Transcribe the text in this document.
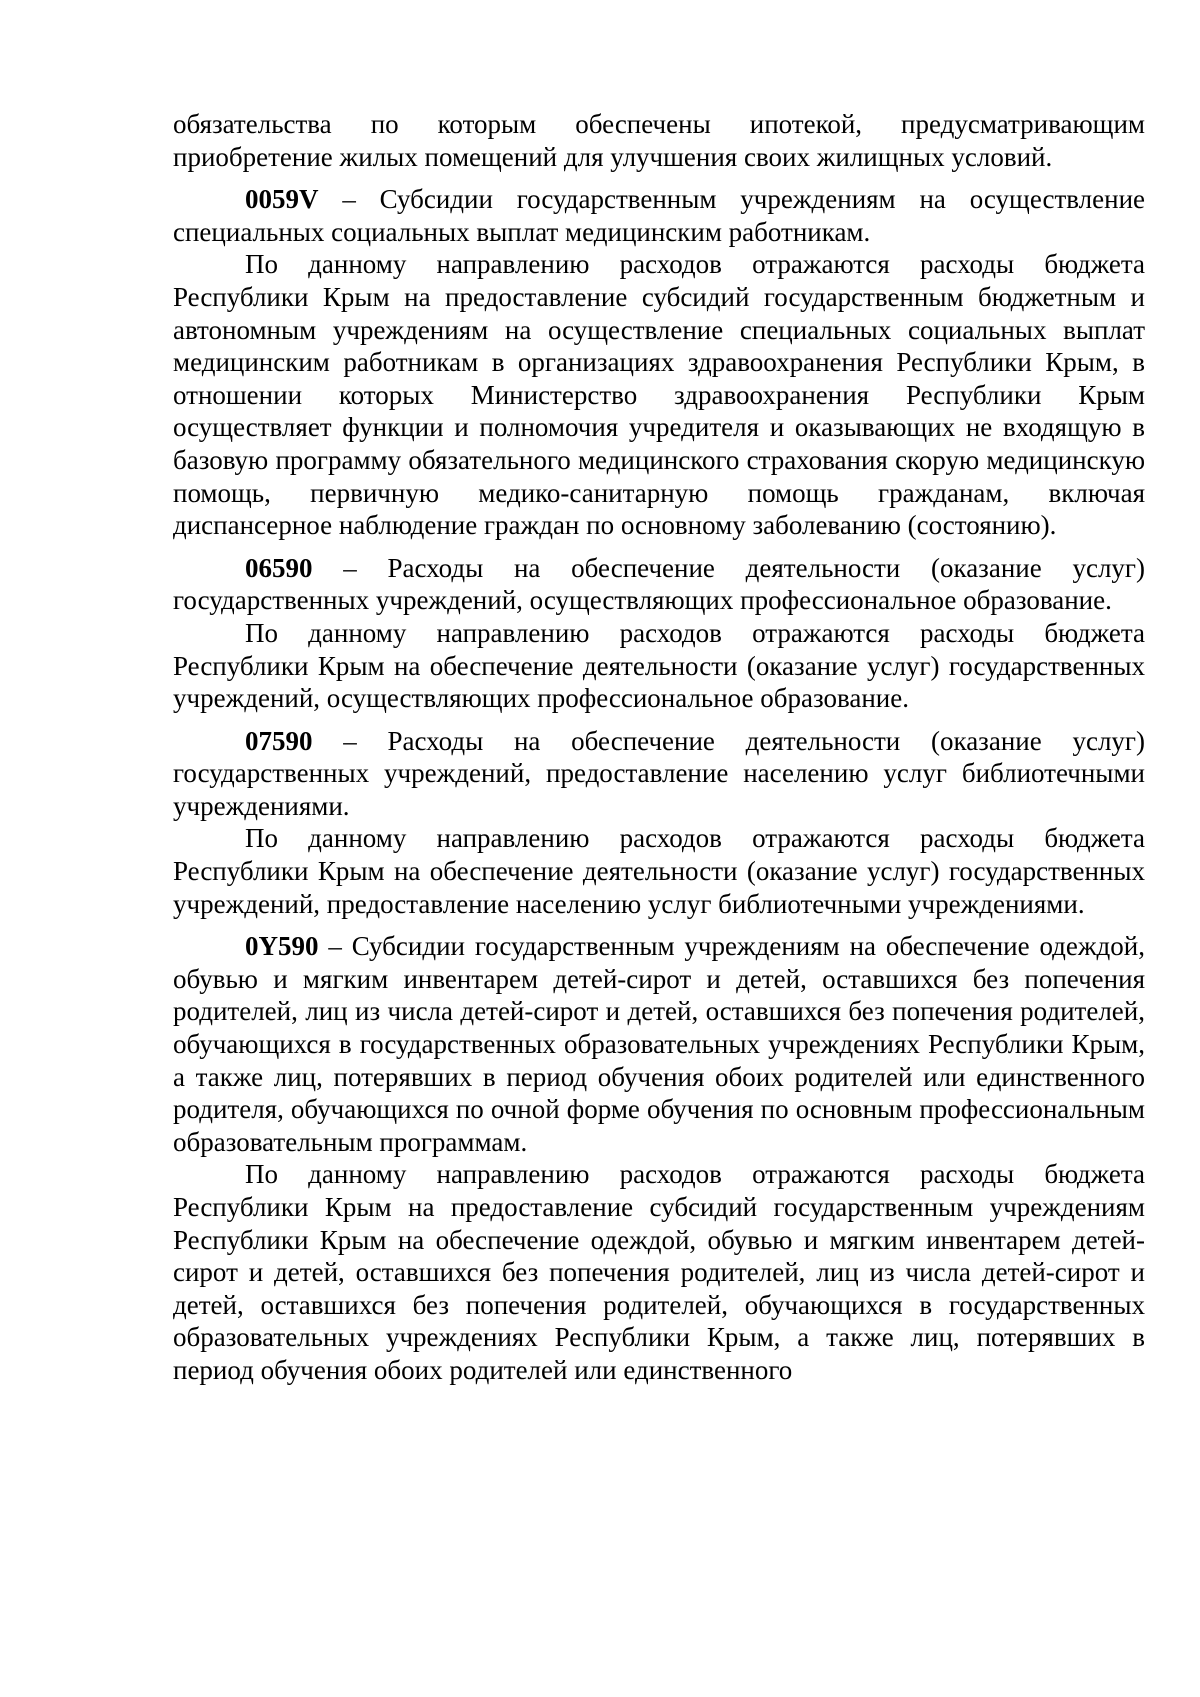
обязательства по которым обеспечены ипотекой, предусматривающим приобретение жилых помещений для улучшения своих жилищных условий.

0059V – Субсидии государственным учреждениям на осуществление специальных социальных выплат медицинским работникам.

По данному направлению расходов отражаются расходы бюджета Республики Крым на предоставление субсидий государственным бюджетным и автономным учреждениям на осуществление специальных социальных выплат медицинским работникам в организациях здравоохранения Республики Крым, в отношении которых Министерство здравоохранения Республики Крым осуществляет функции и полномочия учредителя и оказывающих не входящую в базовую программу обязательного медицинского страхования скорую медицинскую помощь, первичную медико-санитарную помощь гражданам, включая диспансерное наблюдение граждан по основному заболеванию (состоянию).

06590 – Расходы на обеспечение деятельности (оказание услуг) государственных учреждений, осуществляющих профессиональное образование.

По данному направлению расходов отражаются расходы бюджета Республики Крым на обеспечение деятельности (оказание услуг) государственных учреждений, осуществляющих профессиональное образование.

07590 – Расходы на обеспечение деятельности (оказание услуг) государственных учреждений, предоставление населению услуг библиотечными учреждениями.

По данному направлению расходов отражаются расходы бюджета Республики Крым на обеспечение деятельности (оказание услуг) государственных учреждений, предоставление населению услуг библиотечными учреждениями.

0Y590 – Субсидии государственным учреждениям на обеспечение одеждой, обувью и мягким инвентарем детей-сирот и детей, оставшихся без попечения родителей, лиц из числа детей-сирот и детей, оставшихся без попечения родителей, обучающихся в государственных образовательных учреждениях Республики Крым, а также лиц, потерявших в период обучения обоих родителей или единственного родителя, обучающихся по очной форме обучения по основным профессиональным образовательным программам.

По данному направлению расходов отражаются расходы бюджета Республики Крым на предоставление субсидий государственным учреждениям Республики Крым на обеспечение одеждой, обувью и мягким инвентарем детей-сирот и детей, оставшихся без попечения родителей, лиц из числа детей-сирот и детей, оставшихся без попечения родителей, обучающихся в государственных образовательных учреждениях Республики Крым, а также лиц, потерявших в период обучения обоих родителей или единственного
